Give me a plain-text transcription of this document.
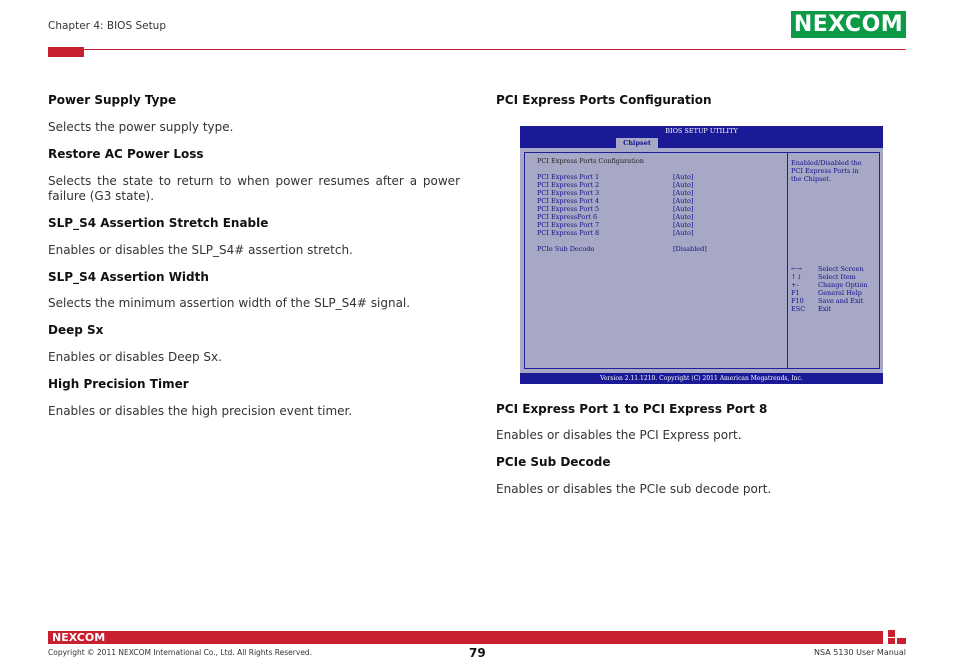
Chapter 4: BIOS Setup	NEXCOM
Power Supply Type
Selects the power supply type.
Restore AC Power Loss
Selects the state to return to when power resumes after a power failure (G3 state).
SLP_S4 Assertion Stretch Enable
Enables or disables the SLP_S4# assertion stretch.
SLP_S4 Assertion Width
Selects the minimum assertion width of the SLP_S4# signal.
Deep Sx
Enables or disables Deep Sx.
High Precision Timer
Enables or disables the high precision event timer.
PCI Express Ports Configuration
BIOS SETUP UTILITY
Chipset
PCI Express Ports Configuration
PCI Express Port 1	[Auto]
PCI Express Port 2	[Auto]
PCI Express Port 3	[Auto]
PCI Express Port 4	[Auto]
PCI Express Port 5	[Auto]
PCI ExpressPort 6	[Auto]
PCI Express Port 7	[Auto]
PCI Express Port 8	[Auto]
PCIe Sub Decode	[Disabled]
Enabled/Disabled the
PCI Express Ports in
the Chipset.
←→ Select Screen
↑↓ Select Item
+-	Change Option
F1	General Help
F10 Save and Exit
ESC Exit
Version 2.11.1210. Copyright (C) 2011 American Megatrends, Inc.
PCI Express Port 1 to PCI Express Port 8
Enables or disables the PCI Express port.
PCIe Sub Decode
Enables or disables the PCIe sub decode port.
NEXCOM
Copyright © 2011 NEXCOM International Co., Ltd. All Rights Reserved.	79	NSA 5130 User Manual
